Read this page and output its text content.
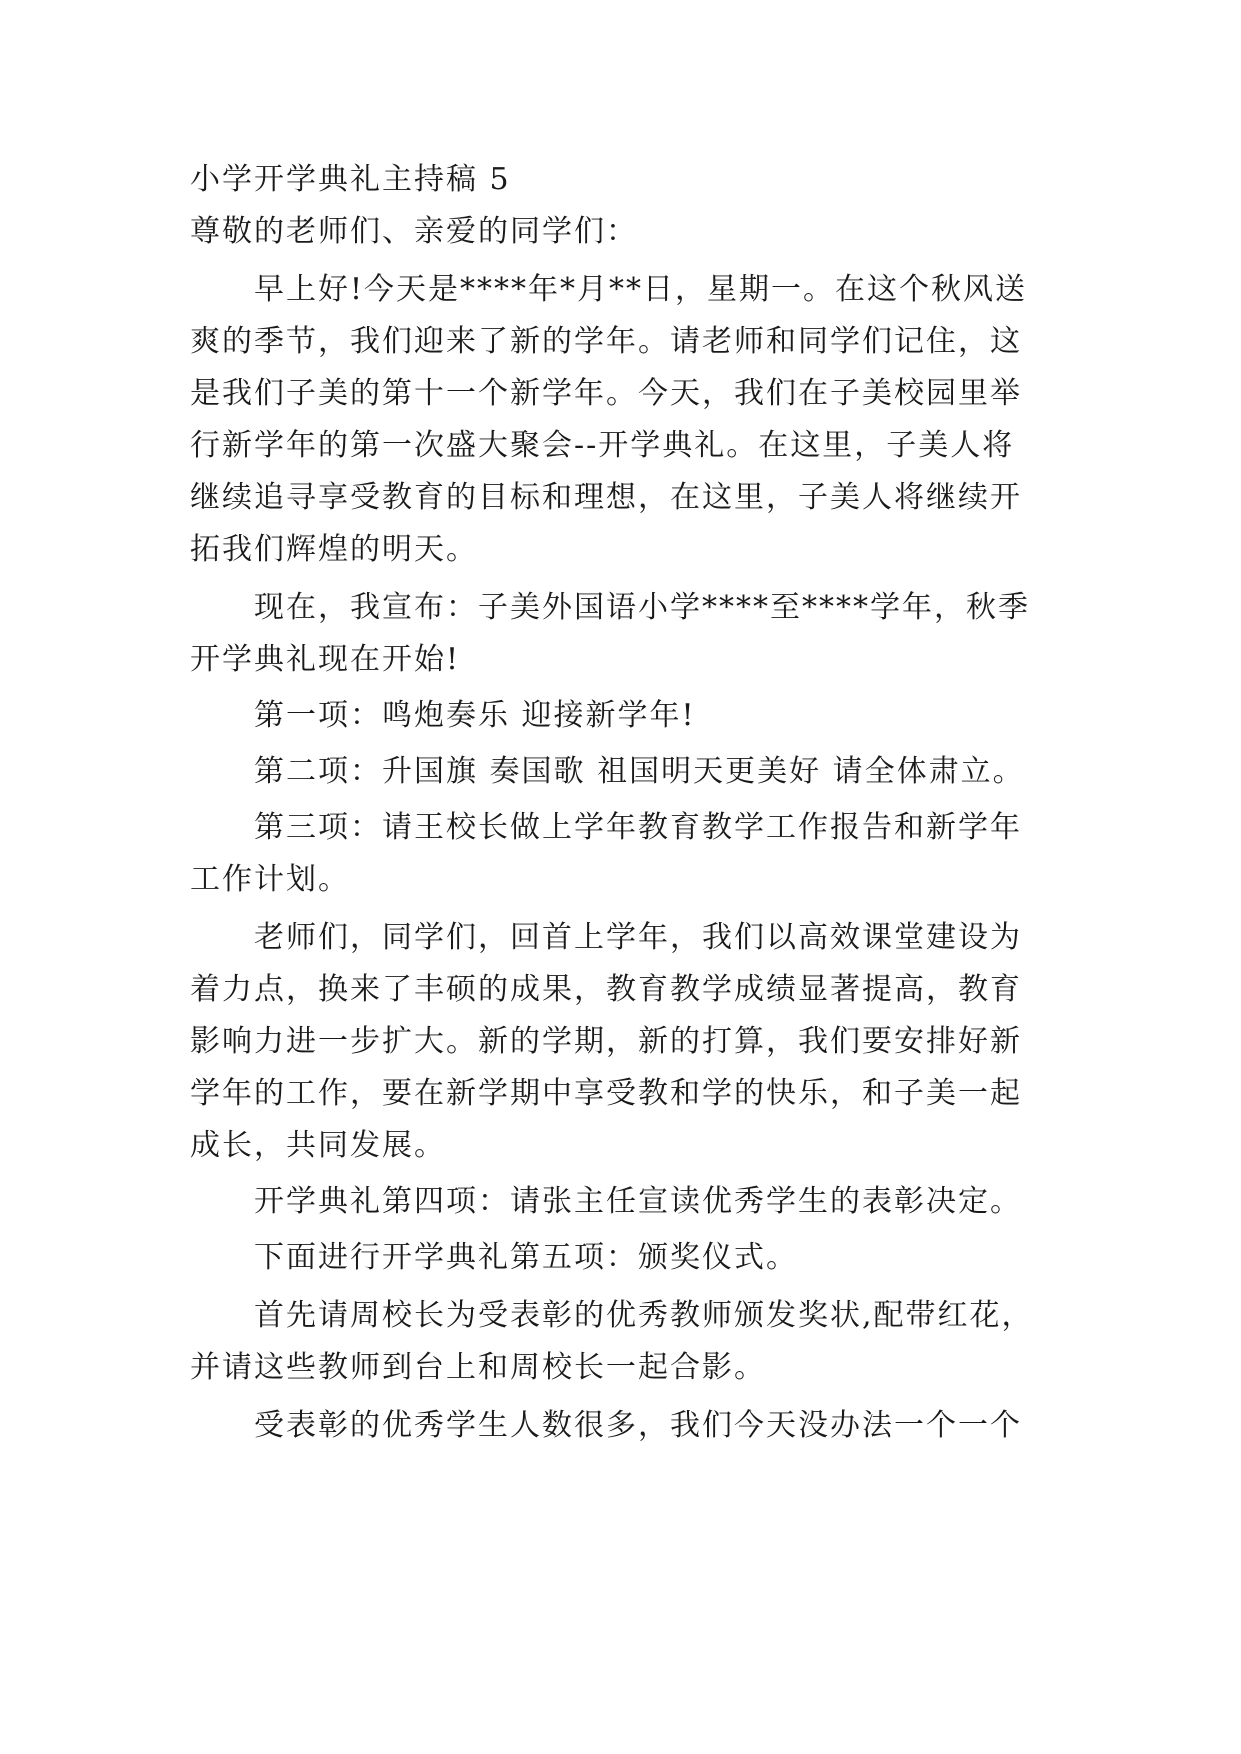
小学开学典礼主持稿 5
尊敬的老师们、亲爱的同学们：
早上好!今天是****年*月**日，星期一。在这个秋风送
爽的季节，我们迎来了新的学年。请老师和同学们记住，这
是我们子美的第十一个新学年。今天，我们在子美校园里举
行新学年的第一次盛大聚会--开学典礼。在这里，子美人将
继续追寻享受教育的目标和理想，在这里，子美人将继续开
拓我们辉煌的明天。
现在，我宣布：子美外国语小学****至****学年，秋季
开学典礼现在开始!
第一项：鸣炮奏乐 迎接新学年!
第二项：升国旗 奏国歌 祖国明天更美好 请全体肃立。
第三项：请王校长做上学年教育教学工作报告和新学年
工作计划。
老师们，同学们，回首上学年，我们以高效课堂建设为
着力点，换来了丰硕的成果，教育教学成绩显著提高，教育
影响力进一步扩大。新的学期，新的打算，我们要安排好新
学年的工作，要在新学期中享受教和学的快乐，和子美一起
成长，共同发展。
开学典礼第四项：请张主任宣读优秀学生的表彰决定。
下面进行开学典礼第五项：颁奖仪式。
首先请周校长为受表彰的优秀教师颁发奖状,配带红花，
并请这些教师到台上和周校长一起合影。
受表彰的优秀学生人数很多，我们今天没办法一个一个
